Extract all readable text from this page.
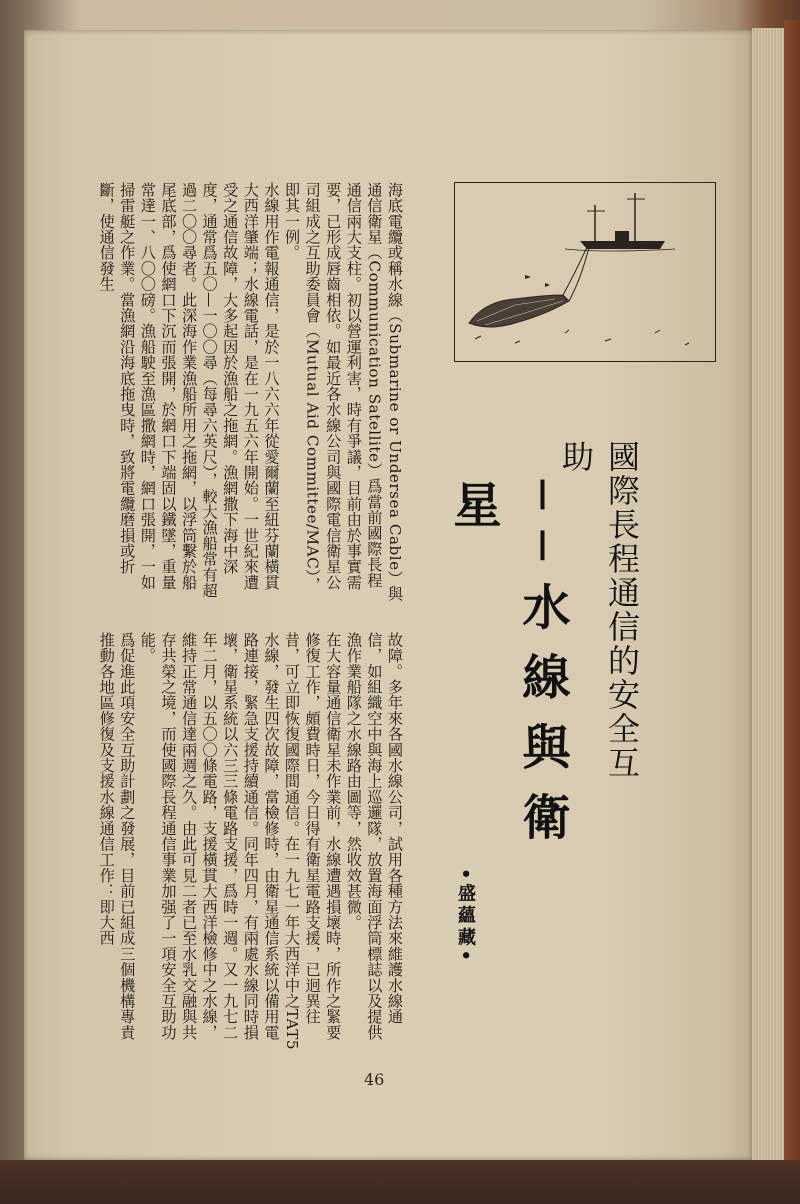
國際長程通信的安全互助
──水線與衛星
•盛蘊藏•
海底電纜或稱水線（Submarine or Undersea Cable）與通信衛星（Communication Satellite）爲當前國際長程通信兩大支柱。初以營運利害，時有爭議，目前由於事實需要，已形成唇齒相依。如最近各水線公司與國際電信衛星公司組成之互助委員會（Mutual Aid Committee/MAC），即其一例。
水線用作電報通信，是於一八六六年從愛爾蘭至紐芬蘭橫貫大西洋肇端；水線電話，是在一九五六年開始。一世紀來遭受之通信故障，大多起因於漁船之拖網。漁網撒下海中深度，通常爲五〇—一〇〇尋（每尋六英尺），較大漁船常有超過二〇〇尋者。此深海作業漁船所用之拖網，以浮筒繫於船尾底部，爲使網口下沉而張開，於網口下端固以鐵墜，重量常達一、八〇〇磅。漁船駛至漁區撒網時，網口張開，一如掃雷艇之作業。當漁網沿海底拖曳時，致將電纜磨損或折斷，使通信發生
故障。多年來各國水線公司，試用各種方法來維護水線通信，如組織空中與海上巡邏隊，放置海面浮筒標誌以及提供漁作業船隊之水線路由圖等，然收效甚微。
在大容量通信衛星未作業前，水線遭遇損壞時，所作之緊要修復工作，頗費時日，今日得有衛星電路支援，已迥異往昔，可立即恢復國際間通信。在一九七一年大西洋中之TAT5水線，發生四次故障，當檢修時，由衛星通信系統以備用電路連接，緊急支援持續通信。同年四月，有兩處水線同時損壞，衛星系統以六三三條電路支援，爲時一週。又一九七二年二月，以五〇〇條電路，支援橫貫大西洋檢修中之水線，維持正常通信達兩週之久。由此可見二者已至水乳交融與共存共榮之境，而使國際長程通信事業加强了一項安全互助功能。
爲促進此項安全互助計劃之發展，目前已組成三個機構專責推動各地區修復及支援水線通信工作：即大西
46
